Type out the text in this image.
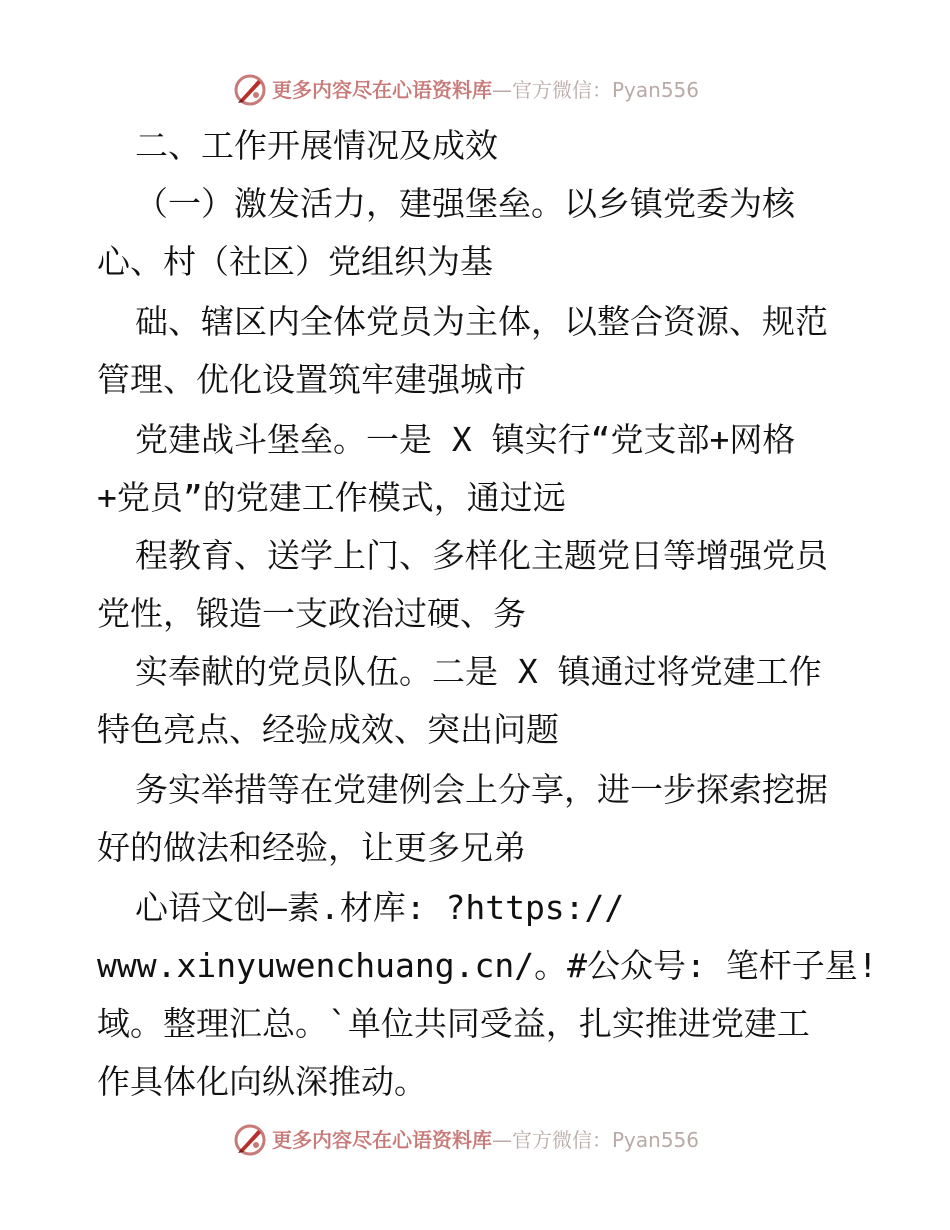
更多内容尽在心语资料库—官方微信：Pyan556

二、工作开展情况及成效

（一）激发活力，建强堡垒。以乡镇党委为核

心、村（社区）党组织为基

础、辖区内全体党员为主体，以整合资源、规范

管理、优化设置筑牢建强城市

党建战斗堡垒。一是 X 镇实行“党支部+网格

+党员”的党建工作模式，通过远

程教育、送学上门、多样化主题党日等增强党员

党性，锻造一支政治过硬、务

实奉献的党员队伍。二是 X 镇通过将党建工作

特色亮点、经验成效、突出问题

务实举措等在党建例会上分享，进一步探索挖据

好的做法和经验，让更多兄弟

心语文创—素.材库: ?https://

www.xinyuwenchuang.cn/。#公众号: 笔杆子星!

域。整理汇总。`单位共同受益，扎实推进党建工

作具体化向纵深推动。

更多内容尽在心语资料库—官方微信：Pyan556
